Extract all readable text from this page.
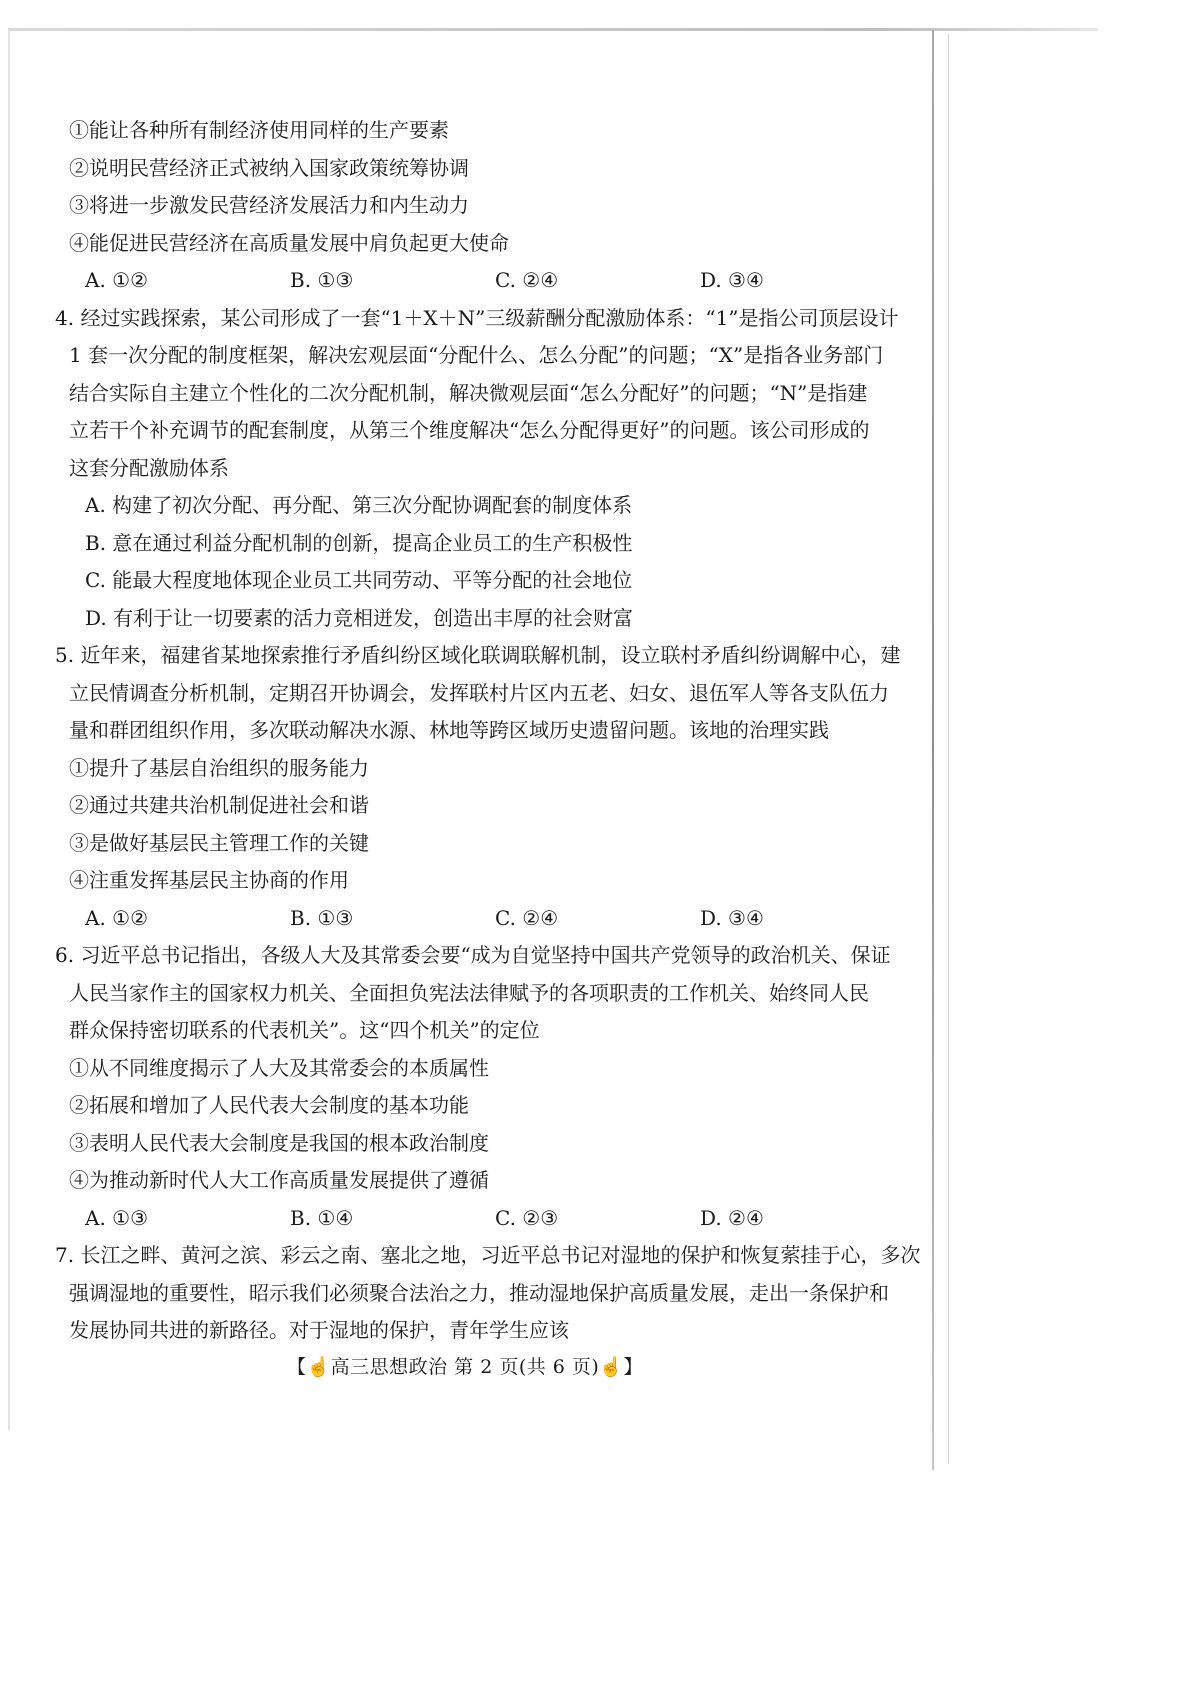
①能让各种所有制经济使用同样的生产要素
②说明民营经济正式被纳入国家政策统筹协调
③将进一步激发民营经济发展活力和内生动力
④能促进民营经济在高质量发展中肩负起更大使命
A. ①②	B. ①③	C. ②④	D. ③④
4. 经过实践探索，某公司形成了一套“1＋X＋N”三级薪酬分配激励体系：“1”是指公司顶层设计
1 套一次分配的制度框架，解决宏观层面“分配什么、怎么分配”的问题；“X”是指各业务部门
结合实际自主建立个性化的二次分配机制，解决微观层面“怎么分配好”的问题；“N”是指建
立若干个补充调节的配套制度，从第三个维度解决“怎么分配得更好”的问题。该公司形成的
这套分配激励体系
A. 构建了初次分配、再分配、第三次分配协调配套的制度体系
B. 意在通过利益分配机制的创新，提高企业员工的生产积极性
C. 能最大程度地体现企业员工共同劳动、平等分配的社会地位
D. 有利于让一切要素的活力竞相迸发，创造出丰厚的社会财富
5. 近年来，福建省某地探索推行矛盾纠纷区域化联调联解机制，设立联村矛盾纠纷调解中心，建
立民情调查分析机制，定期召开协调会，发挥联村片区内五老、妇女、退伍军人等各支队伍力
量和群团组织作用，多次联动解决水源、林地等跨区域历史遗留问题。该地的治理实践
①提升了基层自治组织的服务能力
②通过共建共治机制促进社会和谐
③是做好基层民主管理工作的关键
④注重发挥基层民主协商的作用
A. ①②	B. ①③	C. ②④	D. ③④
6. 习近平总书记指出，各级人大及其常委会要“成为自觉坚持中国共产党领导的政治机关、保证
人民当家作主的国家权力机关、全面担负宪法法律赋予的各项职责的工作机关、始终同人民
群众保持密切联系的代表机关”。这“四个机关”的定位
①从不同维度揭示了人大及其常委会的本质属性
②拓展和增加了人民代表大会制度的基本功能
③表明人民代表大会制度是我国的根本政治制度
④为推动新时代人大工作高质量发展提供了遵循
A. ①③	B. ①④	C. ②③	D. ②④
7. 长江之畔、黄河之滨、彩云之南、塞北之地，习近平总书记对湿地的保护和恢复萦挂于心，多次
强调湿地的重要性，昭示我们必须聚合法治之力，推动湿地保护高质量发展，走出一条保护和
发展协同共进的新路径。对于湿地的保护，青年学生应该
【☝高三思想政治 第 2 页(共 6 页)☝】
